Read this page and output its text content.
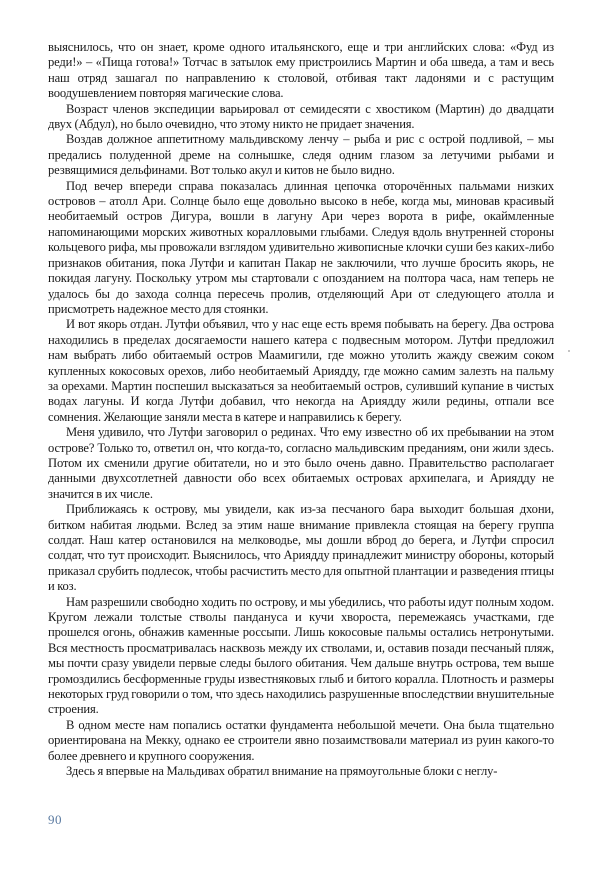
выяснилось, что он знает, кроме одного итальянского, еще и три английских слова: «Фуд из реди!» – «Пища готова!» Тотчас в затылок ему пристроились Мартин и оба шведа, а там и весь наш отряд зашагал по направлению к столовой, отбивая такт ладонями и с растущим воодушевлением повторяя магические слова.

Возраст членов экспедиции варьировал от семидесяти с хвостиком (Мартин) до двадцати двух (Абдул), но было очевидно, что этому никто не придает значения.

Воздав должное аппетитному мальдивскому ленчу – рыба и рис с острой подливой, – мы предались полуденной дреме на солнышке, следя одним глазом за летучими рыбами и резвящимися дельфинами. Вот только акул и китов не было видно.

Под вечер впереди справа показалась длинная цепочка оторочённых пальмами низких островов – атолл Ари. Солнце было еще довольно высоко в небе, когда мы, миновав красивый необитаемый остров Дигура, вошли в лагуну Ари через ворота в рифе, окаймленные напоминающими морских животных коралловыми глыбами. Следуя вдоль внутренней стороны кольцевого рифа, мы провожали взглядом удивительно живописные клочки суши без каких-либо признаков обитания, пока Лутфи и капитан Пакар не заключили, что лучше бросить якорь, не покидая лагуну. Поскольку утром мы стартовали с опозданием на полтора часа, нам теперь не удалось бы до захода солнца пересечь пролив, отделяющий Ари от следующего атолла и присмотреть надежное место для стоянки.

И вот якорь отдан. Лутфи объявил, что у нас еще есть время побывать на берегу. Два острова находились в пределах досягаемости нашего катера с подвесным мотором. Лутфи предложил нам выбрать либо обитаемый остров Маамигили, где можно утолить жажду свежим соком купленных кокосовых орехов, либо необитаемый Ариядду, где можно самим залезть на пальму за орехами. Мартин поспешил высказаться за необитаемый остров, суливший купание в чистых водах лагуны. И когда Лутфи добавил, что некогда на Ариядду жили редины, отпали все сомнения. Желающие заняли места в катере и направились к берегу.

Меня удивило, что Лутфи заговорил о рединах. Что ему известно об их пребывании на этом острове? Только то, ответил он, что когда-то, согласно мальдивским преданиям, они жили здесь. Потом их сменили другие обитатели, но и это было очень давно. Правительство располагает данными двухсотлетней давности обо всех обитаемых островах архипелага, и Ариядду не значится в их числе.

Приближаясь к острову, мы увидели, как из-за песчаного бара выходит большая дхони, битком набитая людьми. Вслед за этим наше внимание привлекла стоящая на берегу группа солдат. Наш катер остановился на мелководье, мы дошли вброд до берега, и Лутфи спросил солдат, что тут происходит. Выяснилось, что Ариядду принадлежит министру обороны, который приказал срубить подлесок, чтобы расчистить место для опытной плантации и разведения птицы и коз.

Нам разрешили свободно ходить по острову, и мы убедились, что работы идут полным ходом. Кругом лежали толстые стволы пандануса и кучи хвороста, перемежаясь участками, где прошелся огонь, обнажив каменные россыпи. Лишь кокосовые пальмы остались нетронутыми. Вся местность просматривалась насквозь между их стволами, и, оставив позади песчаный пляж, мы почти сразу увидели первые следы былого обитания. Чем дальше внутрь острова, тем выше громоздились бесформенные груды известняковых глыб и битого коралла. Плотность и размеры некоторых груд говорили о том, что здесь находились разрушенные впоследствии внушительные строения.

В одном месте нам попались остатки фундамента небольшой мечети. Она была тщательно ориентирована на Мекку, однако ее строители явно позаимствовали материал из руин какого-то более древнего и крупного сооружения.

Здесь я впервые на Мальдивах обратил внимание на прямоугольные блоки с неглу-

90
